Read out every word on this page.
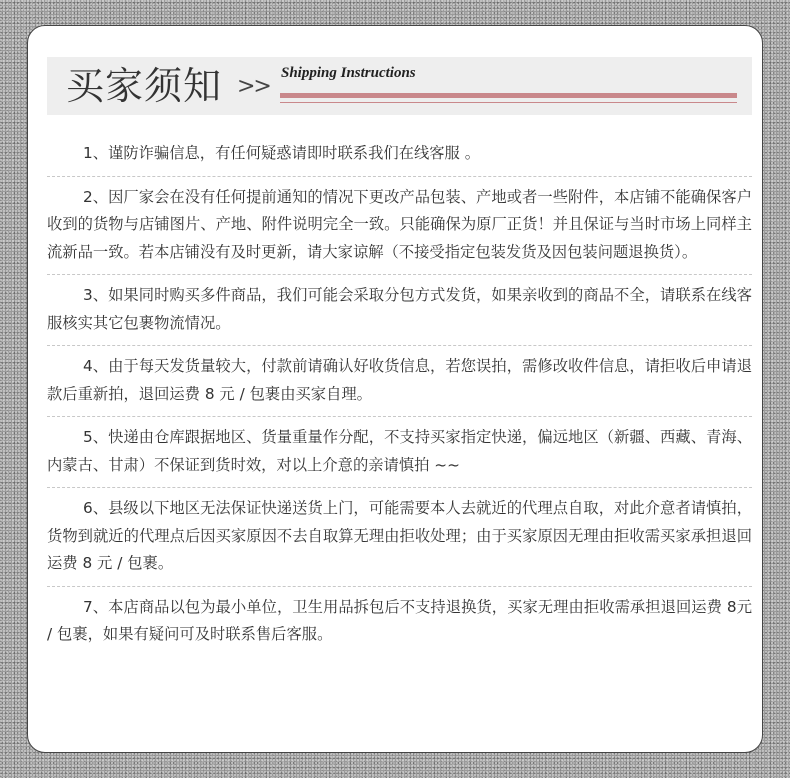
买家须知 >>
Shipping Instructions
1、谨防诈骗信息，有任何疑惑请即时联系我们在线客服 。
2、因厂家会在没有任何提前通知的情况下更改产品包装、产地或者一些附件，本店铺不能确保客户收到的货物与店铺图片、产地、附件说明完全一致。只能确保为原厂正货！并且保证与当时市场上同样主流新品一致。若本店铺没有及时更新，请大家谅解（不接受指定包装发货及因包装问题退换货）。
3、如果同时购买多件商品，我们可能会采取分包方式发货，如果亲收到的商品不全，请联系在线客服核实其它包裹物流情况。
4、由于每天发货量较大，付款前请确认好收货信息，若您误拍，需修改收件信息，请拒收后申请退款后重新拍，退回运费 8 元 / 包裹由买家自理。
5、快递由仓库跟据地区、货量重量作分配，不支持买家指定快递，偏远地区（新疆、西藏、青海、内蒙古、甘肃）不保证到货时效，对以上介意的亲请慎拍 ~~
6、县级以下地区无法保证快递送货上门，可能需要本人去就近的代理点自取，对此介意者请慎拍，货物到就近的代理点后因买家原因不去自取算无理由拒收处理；由于买家原因无理由拒收需买家承担退回运费 8 元 / 包裹。
7、本店商品以包为最小单位，卫生用品拆包后不支持退换货，买家无理由拒收需承担退回运费 8元 / 包裹，如果有疑问可及时联系售后客服。
